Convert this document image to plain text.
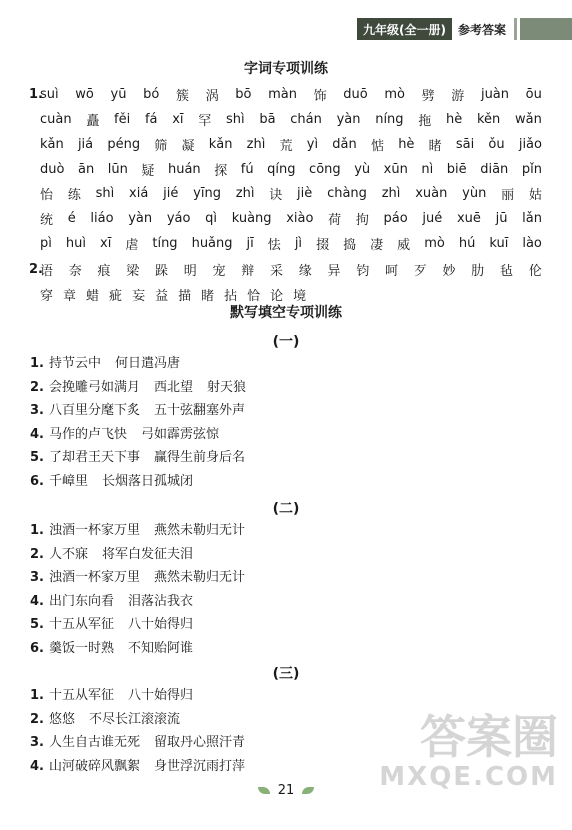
九年级(全一册)	参考答案
字词专项训练
1.
suì wō yū bó 簇 涡 bō màn 饰 duō mò 劈 游 juàn ōu
cuàn 矗 fěi fá xī 罕 shì bā chán yàn níng 拖 hè kěn wǎn
kǎn jiá péng 筛 凝 kǎn zhì 荒 yì dǎn 惦 hè 睹 sāi ǒu jiǎo
duò ān lūn 疑 huán 探 fú qíng cōng yù xūn nì biē diān pǐn
怡 练 shì xiá jié yīng zhì 诀 jiè chàng zhì xuàn yùn 丽 姑
统 é liáo yàn yáo qì kuàng xiào 荷 拘 páo jué xuē jū lǎn
pì huì xī 虐 tíng huǎng jī 怯 jì 掇 捣 凄 威 mò hú kuī lào
2.
语 奈 痕 梁 跺 明 宠 辩 采 缘 异 钧 呵 歹 妙 肋 毡 伦
穿 章 蜡 疵 妄 益 描 睹 拈 恰 论 境
默写填空专项训练
(一)
1. 持节云中 何日遣冯唐
2. 会挽雕弓如满月 西北望 射天狼
3. 八百里分麾下炙 五十弦翻塞外声
4. 马作的卢飞快 弓如霹雳弦惊
5. 了却君王天下事 赢得生前身后名
6. 千嶂里 长烟落日孤城闭
(二)
1. 浊酒一杯家万里 燕然未勒归无计
2. 人不寐 将军白发征夫泪
3. 浊酒一杯家万里 燕然未勒归无计
4. 出门东向看 泪落沾我衣
5. 十五从军征 八十始得归
6. 羹饭一时熟 不知贻阿谁
(三)
1. 十五从军征 八十始得归
2. 悠悠 不尽长江滚滚流
3. 人生自古谁无死 留取丹心照汗青
4. 山河破碎风飘絮 身世浮沉雨打萍
21
答案圈
MXQE.COM
